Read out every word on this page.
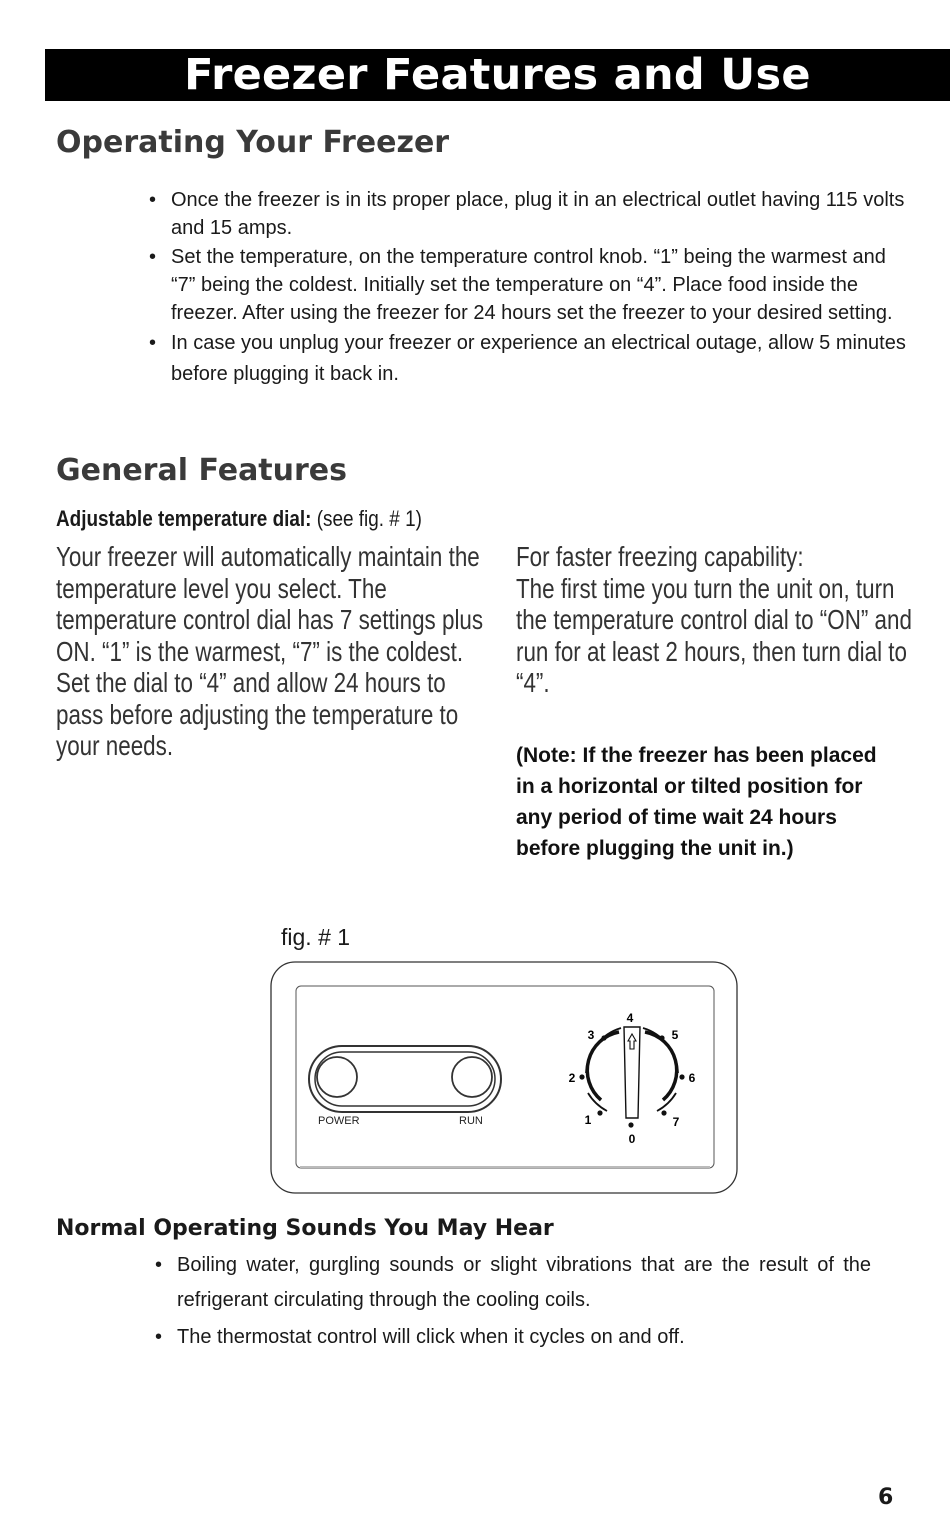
Freezer Features and Use
Operating Your Freezer
• Once the freezer is in its proper place, plug it in an electrical outlet having 115 volts and 15 amps.
• Set the temperature, on the temperature control knob. “1” being the warmest and “7” being the coldest. Initially set the temperature on “4”. Place food inside the freezer. After using the freezer for 24 hours set the freezer to your desired setting.
• In case you unplug your freezer or experience an electrical outage, allow 5 minutes before plugging it back in.
General Features
Adjustable temperature dial: (see fig. # 1)

Your freezer will automatically maintain the temperature level you select. The temperature control dial has 7 settings plus ON. “1” is the warmest, “7” is the coldest. Set the dial to “4” and allow 24 hours to pass before adjusting the temperature to your needs.

For faster freezing capability:
The first time you turn the unit on, turn the temperature control dial to “ON” and run for at least 2 hours, then turn dial to “4”.

(Note: If the freezer has been placed in a horizontal or tilted position for any period of time wait 24 hours before plugging the unit in.)

fig. # 1
POWER	RUN
0
1
2
3
4
5
6
7
Normal Operating Sounds You May Hear
• Boiling water, gurgling sounds or slight vibrations that are the result of the refrigerant circulating through the cooling coils.
• The thermostat control will click when it cycles on and off.
6
